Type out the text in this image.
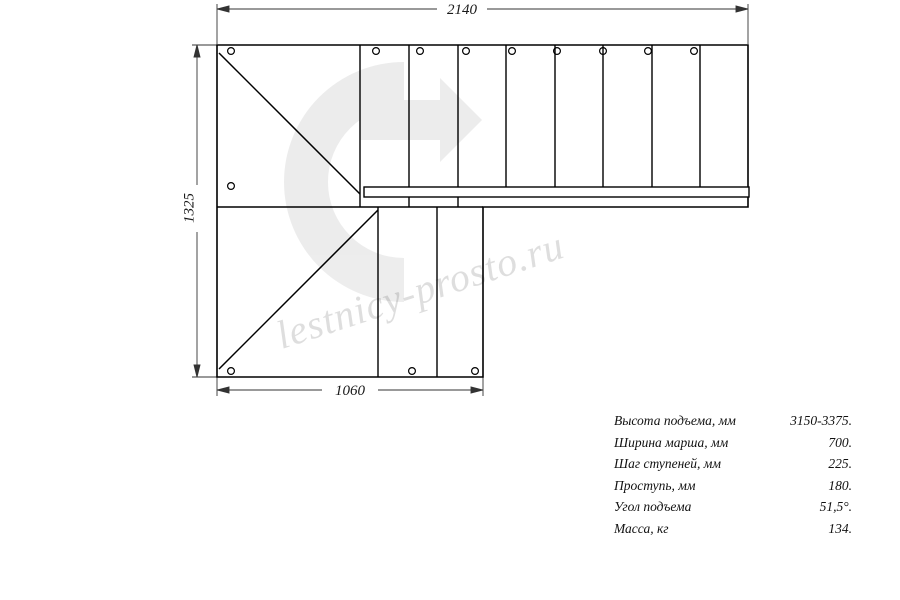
2140
1325
1060
lestnicy-prosto.ru
Высота подъема, мм	3150-3375.
Ширина марша, мм	700.
Шаг ступеней, мм	225.
Проступь, мм	180.
Угол подъема	51,5°.
Масса, кг	134.
